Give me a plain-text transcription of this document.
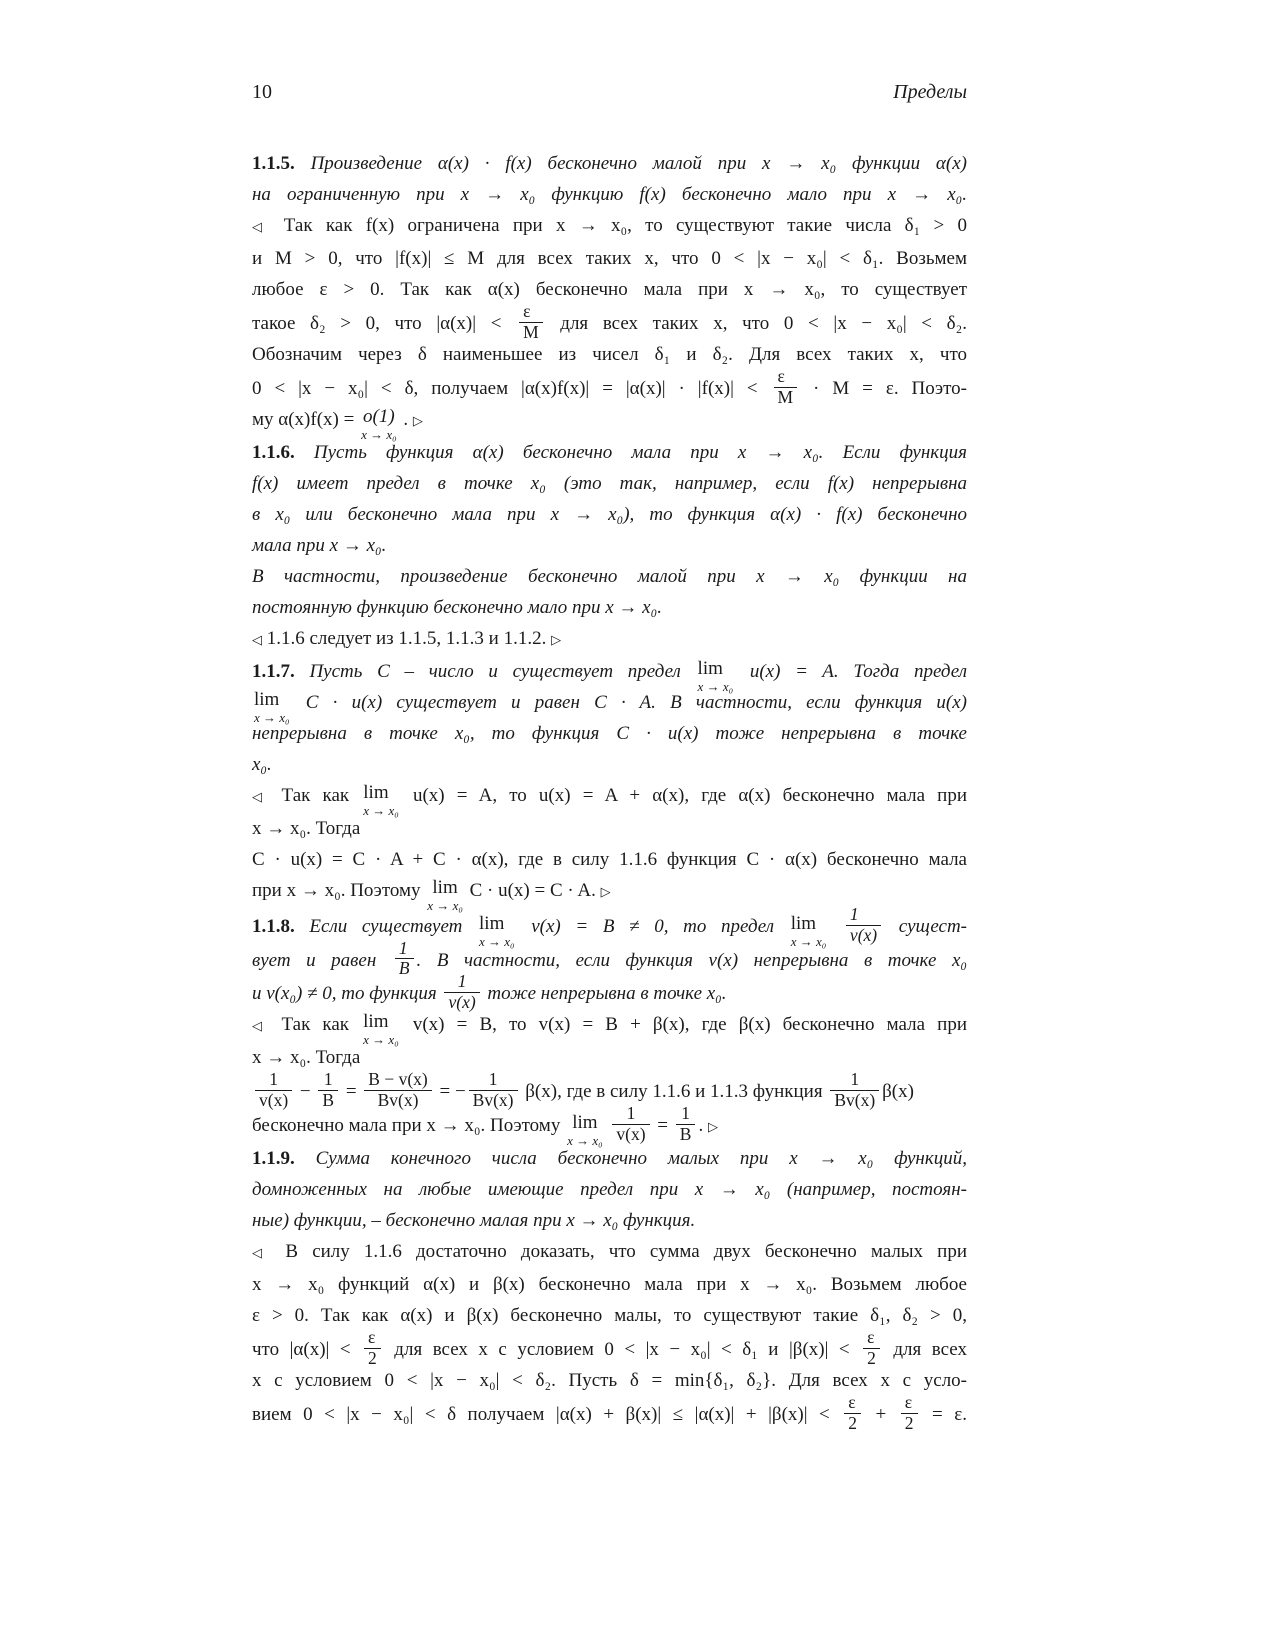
10	Пределы
1.1.5. Произведение α(x) · f(x) бесконечно малой при x → x₀ функции α(x)
на ограниченную при x → x₀ функцию f(x) бесконечно мало при x → x₀.
◁ Так как f(x) ограничена при x → x₀, то существуют такие числа δ₁ > 0
и M > 0, что |f(x)| ≤ M для всех таких x, что 0 < |x − x₀| < δ₁. Возьмем
любое ε > 0. Так как α(x) бесконечно мала при x → x₀, то существует
такое δ₂ > 0, что $|\alpha(x)| < \frac{\varepsilon}{M}$ для всех таких x, что 0 < |x − x₀| < δ₂.
Обозначим через δ наименьшее из чисел δ₁ и δ₂. Для всех таких x, что
0 < |x − x₀| < δ, получаем $|\alpha(x)f(x)| = |\alpha(x)| \cdot |f(x)| < \frac{\varepsilon}{M} \cdot M = \varepsilon$. Поэто-
му α(x)f(x) = o(1)
x → x₀
. ▷
1.1.6. Пусть функция α(x) бесконечно мала при x → x₀. Если функция
f(x) имеет предел в точке x₀ (это так, например, если f(x) непрерывна
в x₀ или бесконечно мала при x → x₀), то функция α(x) · f(x) бесконечно
мала при x → x₀.
В частности, произведение бесконечно малой при x → x₀ функции на
постоянную функцию бесконечно мало при x → x₀.
◁ 1.1.6 следует из 1.1.5, 1.1.3 и 1.1.2. ▷
1.1.7. Пусть C – число и существует предел lim
x → x₀
u(x) = A. Тогда предел
lim
x → x₀
C · u(x) существует и равен C · A. В частности, если функция u(x)
непрерывна в точке x₀, то функция C · u(x) тоже непрерывна в точке
x₀.
◁ Так как lim
x → x₀
u(x) = A, то u(x) = A + α(x), где α(x) бесконечно мала при
x → x₀. Тогда
C · u(x) = C · A + C · α(x), где в силу 1.1.6 функция C · α(x) бесконечно мала
при x → x₀. Поэтому lim
x → x₀
C · u(x) = C · A. ▷
1.1.8. Если существует lim
x → x₀
v(x) = B ≠ 0, то предел lim
x → x₀
$\frac{1}{v(x)}$ сущест-
вует и равен $\frac{1}{B}$ . В частности, если функция v(x) непрерывна в точке x₀
и v(x₀) ≠ 0, то функция $\frac{1}{v(x)}$ тоже непрерывна в точке x₀.
◁ Так как lim
x → x₀
v(x) = B, то v(x) = B + β(x), где β(x) бесконечно мала при
x → x₀. Тогда
$\frac{1}{v(x)} - \frac{1}{B} = \frac{B - v(x)}{Bv(x)}$ = − $\frac{1}{Bv(x)} \beta(x)$, где в силу 1.1.6 и 1.1.3 функция $\frac{1}{Bv(x)} \beta(x)$
бесконечно мала при x → x₀. Поэтому lim
x → x₀
$\frac{1}{v(x)} = \frac{1}{B}$ . ▷
1.1.9. Сумма конечного числа бесконечно малых при x → x₀ функций,
домноженных на любые имеющие предел при x → x₀ (например, постоян-
ные) функции, – бесконечно малая при x → x₀ функция.
◁ В силу 1.1.6 достаточно доказать, что сумма двух бесконечно малых при
x → x₀ функций α(x) и β(x) бесконечно мала при x → x₀. Возьмем любое
ε > 0. Так как α(x) и β(x) бесконечно малы, то существуют такие δ₁, δ₂ > 0,
что $|\alpha(x)| < \frac{\varepsilon}{2}$ для всех x с условием 0 < |x − x₀| < δ₁ и $|\beta(x)| < \frac{\varepsilon}{2}$ для всех
x с условием 0 < |x − x₀| < δ₂. Пусть δ = min{δ₁, δ₂}. Для всех x с усло-
вием 0 < |x − x₀| < δ получаем $|\alpha(x) + \beta(x)| \le |\alpha(x)| + |\beta(x)| < \frac{\varepsilon}{2} + \frac{\varepsilon}{2} = \varepsilon$.
